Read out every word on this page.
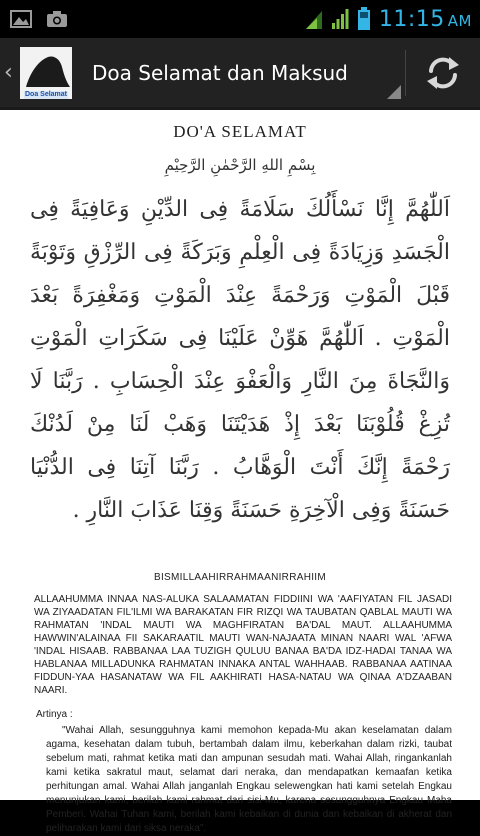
11:15 AM
‹
Doa Selamat
Doa Selamat dan Maksud
DO'A SELAMAT
بِسْمِ اللهِ الرَّحْمٰنِ الرَّحِيْمِ
اَللّٰهُمَّ إِنَّا نَسْأَلُكَ سَلَامَةً فِى الدِّيْنِ وَعَافِيَةً فِى الْجَسَدِ وَزِيَادَةً فِى الْعِلْمِ وَبَرَكَةً فِى الرِّزْقِ وَتَوْبَةً قَبْلَ الْمَوْتِ وَرَحْمَةً عِنْدَ الْمَوْتِ وَمَغْفِرَةً بَعْدَ الْمَوْتِ . اَللّٰهُمَّ هَوِّنْ عَلَيْنَا فِى سَكَرَاتِ الْمَوْتِ وَالنَّجَاةَ مِنَ النَّارِ وَالْعَفْوَ عِنْدَ الْحِسَابِ . رَبَّنَا لَا تُزِغْ قُلُوْبَنَا بَعْدَ إِذْ هَدَيْتَنَا وَهَبْ لَنَا مِنْ لَدُنْكَ رَحْمَةً إِنَّكَ أَنْتَ الْوَهَّابُ . رَبَّنَا آتِنَا فِى الدُّنْيَا حَسَنَةً وَفِى الْآخِرَةِ حَسَنَةً وَقِنَا عَذَابَ النَّارِ .
BISMILLAAHIRRAHMAANIRRAHIIM
ALLAAHUMMA INNAA NAS-ALUKA SALAAMATAN FIDDIINI WA 'AAFIYATAN FIL JASADI WA ZIYAADATAN FIL'ILMI WA BARAKATAN FIR RIZQI WA TAUBATAN QABLAL MAUTI WA RAHMATAN 'INDAL MAUTI WA MAGHFIRATAN BA'DAL MAUT. ALLAAHUMMA HAWWIN'ALAINAA FII SAKARAATIL MAUTI WAN-NAJAATA MINAN NAARI WAL 'AFWA 'INDAL HISAAB. RABBANAA LAA TUZIGH QULUU BANAA BA'DA IDZ-HADAI TANAA WA HABLANAA MILLADUNKA RAHMATAN INNAKA ANTAL WAHHAAB. RABBANAA AATINAA FIDDUN-YAA HASANATAW WA FIL AAKHIRATI HASA-NATAU WA QINAA A'DZAABAN NAARI.
Artinya :
"Wahai Allah, sesungguhnya kami memohon kepada-Mu akan keselamatan dalam agama, kesehatan dalam tubuh, bertambah dalam ilmu, keberkahan dalam rizki, taubat sebelum mati, rahmat ketika mati dan ampunan sesudah mati. Wahai Allah, ringankanlah kami ketika sakratul maut, selamat dari neraka, dan mendapatkan kemaafan ketika perhitungan amal. Wahai Allah janganlah Engkau selewengkan hati kami setelah Engkau menunjukan kami, berilah kami rahmat dari sisi-Mu, karena sesungguhnya Engkau Maha Pemberi. Wahai Tuhan kami, berilah kami kebaikan di dunia dan kebaikan di akherat dan peliharakan kami dari siksa neraka".
